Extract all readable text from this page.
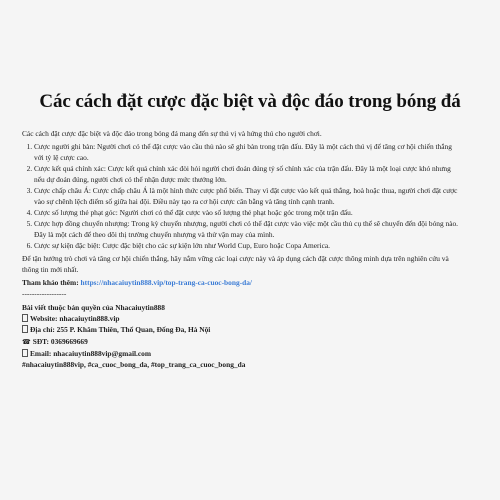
Các cách đặt cược đặc biệt và độc đáo trong bóng đá

Các cách đặt cược đặc biệt và độc đáo trong bóng đá mang đến sự thú vị và hứng thú cho người chơi.

1. Cược người ghi bàn: Người chơi có thể đặt cược vào cầu thủ nào sẽ ghi bàn trong trận đấu. Đây là một cách thú vị để tăng cơ hội chiến thắng với tỷ lệ cược cao.
2. Cược kết quả chính xác: Cược kết quả chính xác đòi hỏi người chơi đoán đúng tỷ số chính xác của trận đấu. Đây là một loại cược khó nhưng nếu dự đoán đúng, người chơi có thể nhận được mức thưởng lớn.
3. Cược chấp châu Á: Cược chấp châu Á là một hình thức cược phổ biến. Thay vì đặt cược vào kết quả thắng, hoà hoặc thua, người chơi đặt cược vào sự chênh lệch điểm số giữa hai đội. Điều này tạo ra cơ hội cược cân bằng và tăng tính cạnh tranh.
4. Cược số lượng thẻ phạt góc: Người chơi có thể đặt cược vào số lượng thẻ phạt hoặc góc trong một trận đấu.
5. Cược hợp đồng chuyển nhượng: Trong kỳ chuyển nhượng, người chơi có thể đặt cược vào việc một cầu thủ cụ thể sẽ chuyển đến đội bóng nào. Đây là một cách để theo dõi thị trường chuyển nhượng và thử vận may của mình.
6. Cược sự kiện đặc biệt: Cược đặc biệt cho các sự kiện lớn như World Cup, Euro hoặc Copa America.

Để tận hưởng trò chơi và tăng cơ hội chiến thắng, hãy nắm vững các loại cược này và áp dụng cách đặt cược thông minh dựa trên nghiên cứu và thông tin mới nhất.

Tham khảo thêm: https://nhacaiuytin888.vip/top-trang-ca-cuoc-bong-da/

------------------

Bài viết thuộc bản quyền của Nhacaiuytin888

Website: nhacaiuytin888.vip

Địa chỉ: 255 P. Khâm Thiên, Thổ Quan, Đống Đa, Hà Nội

☎ SĐT: 0369669669

Email: nhacaiuytin888vip@gmail.com

#nhacaiuytin888vip, #ca_cuoc_bong_da, #top_trang_ca_cuoc_bong_da
